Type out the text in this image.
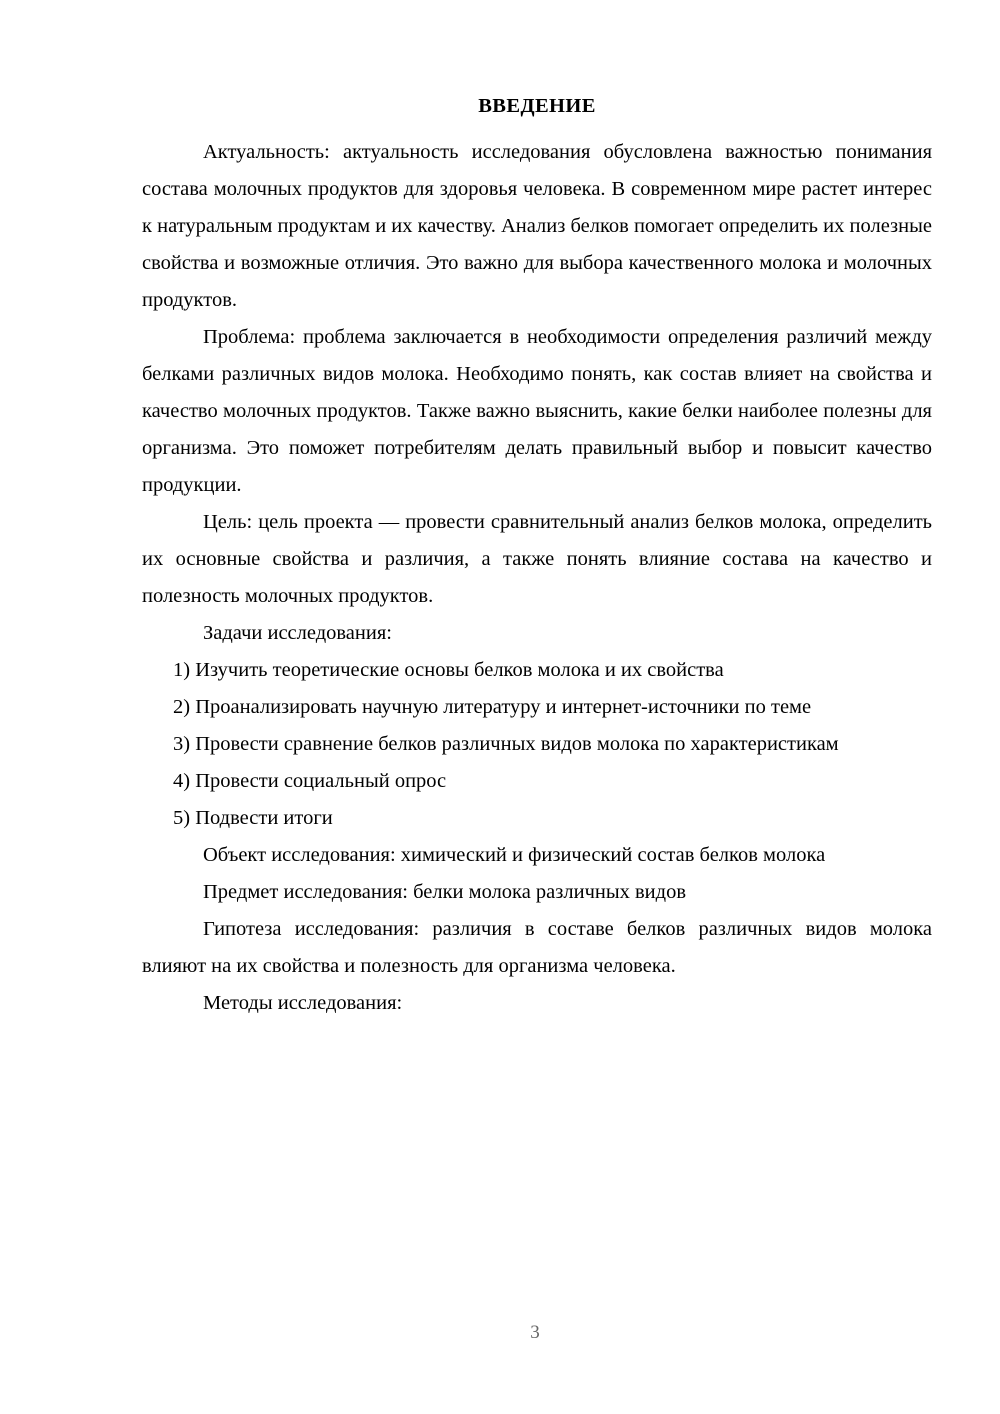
ВВЕДЕНИЕ

Актуальность: актуальность исследования обусловлена важностью понимания состава молочных продуктов для здоровья человека. В современном мире растет интерес к натуральным продуктам и их качеству. Анализ белков помогает определить их полезные свойства и возможные отличия. Это важно для выбора качественного молока и молочных продуктов.

Проблема: проблема заключается в необходимости определения различий между белками различных видов молока. Необходимо понять, как состав влияет на свойства и качество молочных продуктов. Также важно выяснить, какие белки наиболее полезны для организма. Это поможет потребителям делать правильный выбор и повысит качество продукции.

Цель: цель проекта — провести сравнительный анализ белков молока, определить их основные свойства и различия, а также понять влияние состава на качество и полезность молочных продуктов.

Задачи исследования:

1) Изучить теоретические основы белков молока и их свойства

2) Проанализировать научную литературу и интернет-источники по теме

3) Провести сравнение белков различных видов молока по характеристикам

4) Провести социальный опрос

5) Подвести итоги

Объект исследования: химический и физический состав белков молока

Предмет исследования: белки молока различных видов

Гипотеза исследования: различия в составе белков различных видов молока влияют на их свойства и полезность для организма человека.

Методы исследования:

3
